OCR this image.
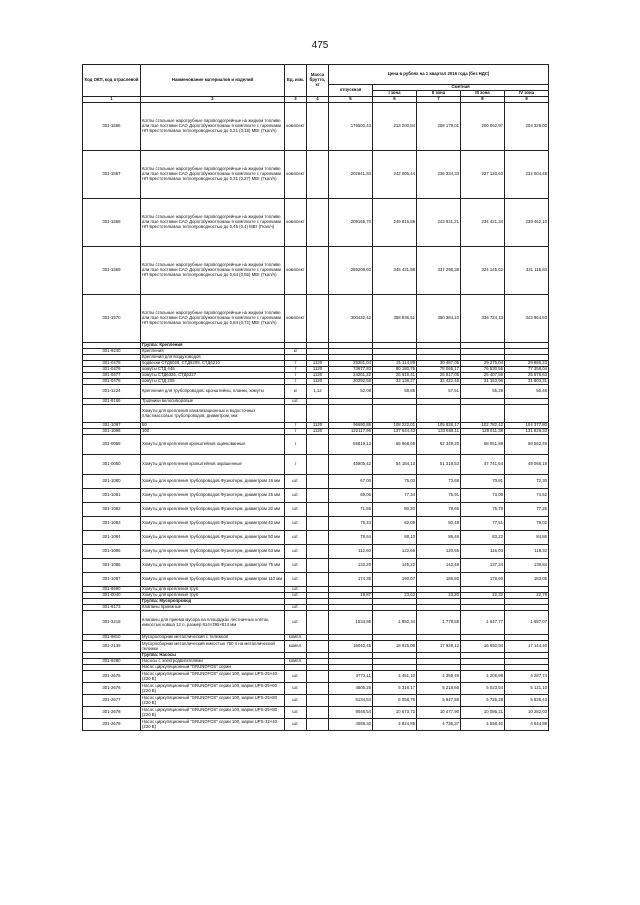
475
Код ОКП, код отраслевой	Наименование материалов и изделий	Ед. изм.	Масса брутто, кг	Цена в рублях на 1 квартал 2016 года (без НДС)				
				отпускная	Сметная			
					I зона	II зона	III зона	IV зона
1	2	3	4	5	6	7	8	9
301-1566	Котлы стальные жаротрубные паровоздогрейные на жидком топливе или газе поставки САО Дорогобужкотломаш в комплекте с горелками НП Брестотельмаш теплопроводностью до 0,21 (0,18) МВт (Гкал/ч)	комплект		176500,43	213 200,84	208 179,01	200 062,97	204 325,00
301-1567	Котлы стальные жаротрубные паровоздогрейные на жидком топливе или газе поставки САО Дорогобужкотломаш в комплекте с горелками НП Брестотельмаш теплопроводностью до 0,31 (0,27) МВт (Гкал/ч)	комплект		202641,84	242 005,44	236 334,33	227 120,63	232 004,48
301-1568	Котлы стальные жаротрубные паровоздогрейные на жидком топливе или газе поставки САО Дорогобужкотломаш в комплекте с горелками НП Брестотельмаш теплопроводностью до 0,45 (0,4) МВт (Гкал/ч)	комплект		209165,70	249 815,59	243 931,21	234 421,34	239 462,10
301-1569	Котлы стальные жаротрубные паровоздогрейные на жидком топливе или газе поставки САО Дорогобужкотломаш в комплекте с горелками НП Брестотельмаш теплопроводностью до 0,64 (0,55) МВт (Гкал/ч)	комплект		289209,60	345 431,98	337 295,38	324 145,62	331 115,84
301-1570	Котлы стальные жаротрубные паровоздогрейные на жидком топливе или газе поставки САО Дорогобужкотломаш в комплекте с горелками НП Брестотельмаш теплопроводностью до 0,84 (0,72) МВт (Гкал/ч)	комплект		300432,42	358 836,51	350 384,10	336 724,13	343 964,93
	Группа: Крепления							
301-9240	Крепления	кг						
	Крепления для воздуховодов							
301-0475	подвески СТД6028, СТД6208, СТД6210	т	1120	25281,04	31 114,89	30 487,05	29 275,04	29 885,23
301-0476	хомуты СТД 446	т	1120	73677,83	80 180,76	78 065,17	76 530,56	77 358,04
301-0477	хомуты СТД6326, СТД6327	т	1120	24261,22	26 619,41	25 917,05	25 407,56	25 675,63
301-0478	хомуты СТД 205	т	1120	30292,58	33 138,27	32 422,46	31 153,96	31 803,31
301-1224	Крепления для трубопроводов: кронштейны, планки, хомуты	кг	1,12	52,08	58,85	57,51	55,29	56,45
301-9165	Тройники велосиборовые	шт.						
	Хомуты для крепления канализационных и водосточных пластмассовых трубопроводов, диаметром, мм:							
301-1097	50	т	1120	96690,86	108 222,01	105 828,17	102 782,42	104 377,80
301-1098	100	т	1120	122117,96	137 644,43	133 658,11	129 811,38	131 826,33
301-0058	Хомуты для крепления кронштейнов оцинкованные	т		55819,13	65 868,69	62 349,20	58 051,89	59 562,49
301-0050	Хомуты для крепления кронштейнов окрашенные	т		45905,42	54 184,13	51 318,53	47 741,64	49 066,19
301-1080	Хомуты для крепления трубопроводов Фузиотерм, диаметром 16 мм	шт.		67,00	75,03	73,68	70,91	72,30
301-1081	Хомуты для крепления трубопроводов Фузиотерм, диаметром 25 мм	шт.		69,06	77,34	75,91	73,09	74,52
301-1082	Хомуты для крепления трубопроводов Фузиотерм, диаметром 32 мм	шт.		71,56	80,20	78,66	75,78	77,26
301-1083	Хомуты для крепления трубопроводов Фузиотерм, диаметром 40 мм	шт.		75,24	82,09	80,49	77,51	79,02
301-1084	Хомуты для крепления трубопроводов Фузиотерм, диаметром 50 мм	шт.		78,64	88,10	86,46	83,22	84,86
301-1085	Хомуты для крепления трубопроводов Фузиотерм, диаметром 63 мм	шт.		112,60	122,66	120,55	116,03	118,32
301-1086	Хомуты для крепления трубопроводов Фузиотерм, диаметром 75 мм	шт.		133,20	145,22	142,48	137,24	139,84
301-1087	Хомуты для крепления трубопроводов Фузиотерм, диаметром 110 мм	шт.		174,35	190,07	186,50	179,60	183,05
301-9590	Хомуты для крепления труб	шт.						
301-0040	Хомуты для крепления труб	шт.		19,87	23,62	23,20	22,32	22,78
	Группа: Мусоропровод							
301-9173	Клапаны приемные	шт.						
301-3218	Клапаны для приема мусора на площадках лестничных клеток, емкостью ковша 12 л, размер 814×395×814 мм	шт.		1534,95	1 850,34	1 778,58	1 647,77	1 687,07
301-9810	Мусоросборник металлический с тележкой	компл.						
301-2139	Мусоросборник металлический емкостью 750 л на металлической тележке	компл.		16040,45	18 925,08	17 928,12	16 692,94	17 144,40
	Группа: Насосы							
301-9280	Насосы с электродвигателями	компл.						
	Насос циркуляционный "GRUNDFOS" серии							
301-2675	Насос циркуляционный "GRUNDFOS" серии 100, марки UPS-25×40 (220 В)	шт.		3772,11	4 451,10	4 359,49	4 206,98	4 287,74
301-2676	Насос циркуляционный "GRUNDFOS" серии 100, марки UPS-25×60 (220 В)	шт.		4505,26	5 316,17	5 218,66	5 023,54	5 121,10
301-2677	Насос циркуляционный "GRUNDFOS" серии 100, марки UPS-25×80 (220 В)	шт.		5134,54	6 058,76	5 947,59	5 725,28	5 836,43
301-2678	Насос циркуляционный "GRUNDFOS" серии 100, марки UPS-25×80 (220 В)	шт.		9045,54	10 673,72	10 477,90	10 086,21	10 282,03
301-2679	Насос циркуляционный "GRUNDFOS" серии 100, марки UPS-32×40 (220 В)	шт.		4088,30	4 824,85	4 735,37	4 558,40	4 644,88
